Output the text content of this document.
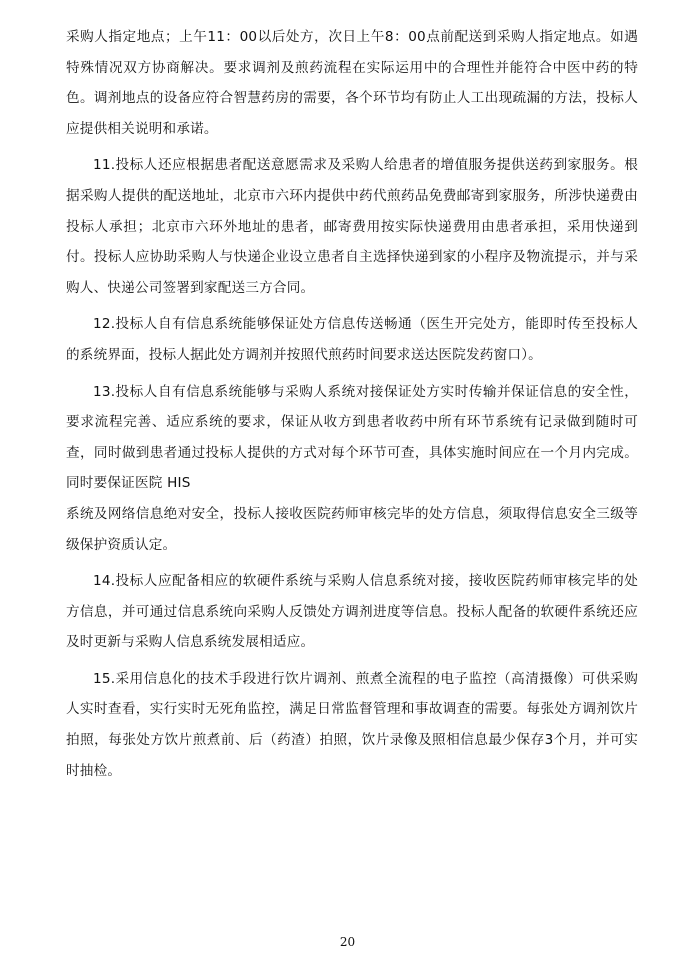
采购人指定地点；上午11：00以后处方，次日上午8：00点前配送到采购人指定地点。如遇特殊情况双方协商解决。要求调剂及煎药流程在实际运用中的合理性并能符合中医中药的特色。调剂地点的设备应符合智慧药房的需要，各个环节均有防止人工出现疏漏的方法，投标人应提供相关说明和承诺。

11.投标人还应根据患者配送意愿需求及采购人给患者的增值服务提供送药到家服务。根据采购人提供的配送地址，北京市六环内提供中药代煎药品免费邮寄到家服务，所涉快递费由投标人承担；北京市六环外地址的患者，邮寄费用按实际快递费用由患者承担，采用快递到付。投标人应协助采购人与快递企业设立患者自主选择快递到家的小程序及物流提示，并与采购人、快递公司签署到家配送三方合同。

12.投标人自有信息系统能够保证处方信息传送畅通（医生开完处方，能即时传至投标人的系统界面，投标人据此处方调剂并按照代煎药时间要求送达医院发药窗口）。

13.投标人自有信息系统能够与采购人系统对接保证处方实时传输并保证信息的安全性，要求流程完善、适应系统的要求，保证从收方到患者收药中所有环节系统有记录做到随时可查，同时做到患者通过投标人提供的方式对每个环节可查，具体实施时间应在一个月内完成。同时要保证医院 HIS

系统及网络信息绝对安全，投标人接收医院药师审核完毕的处方信息，须取得信息安全三级等级保护资质认定。

14.投标人应配备相应的软硬件系统与采购人信息系统对接，接收医院药师审核完毕的处方信息，并可通过信息系统向采购人反馈处方调剂进度等信息。投标人配备的软硬件系统还应及时更新与采购人信息系统发展相适应。

15.采用信息化的技术手段进行饮片调剂、煎煮全流程的电子监控（高清摄像）可供采购人实时查看，实行实时无死角监控，满足日常监督管理和事故调查的需要。每张处方调剂饮片拍照，每张处方饮片煎煮前、后（药渣）拍照，饮片录像及照相信息最少保存3个月，并可实时抽检。

20
